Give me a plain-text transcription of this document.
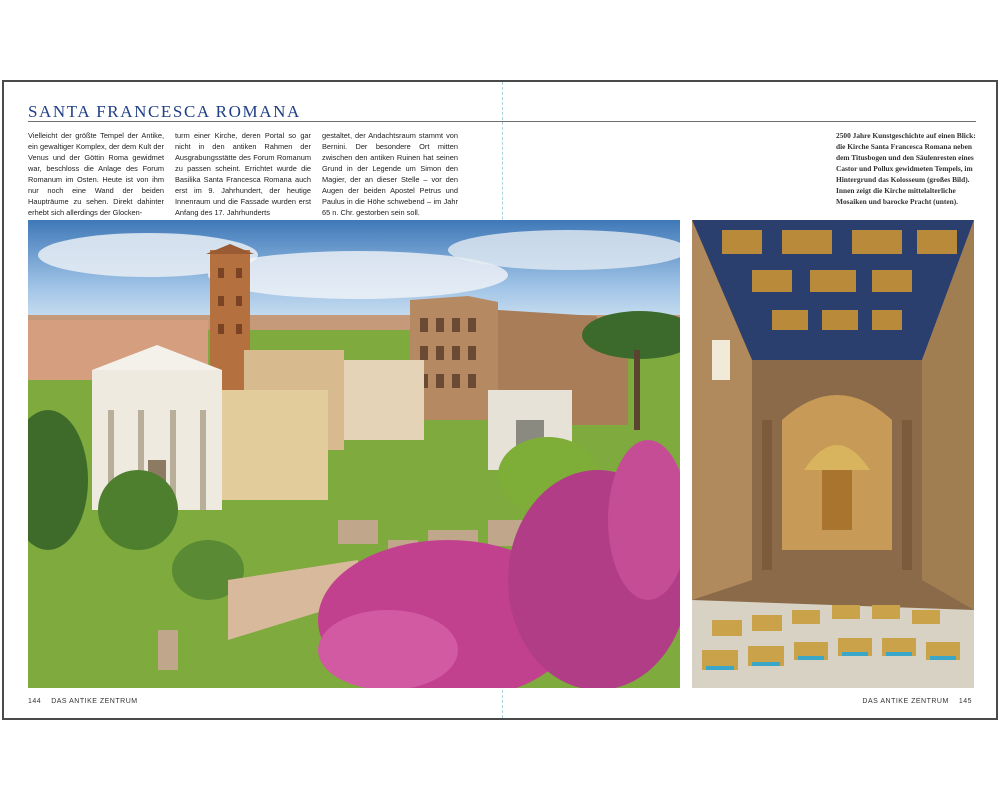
SANTA FRANCESCA ROMANA
Vielleicht der größte Tempel der Antike, ein gewaltiger Komplex, der dem Kult der Venus und der Göttin Roma gewidmet war, beschloss die Anlage des Forum Romanum im Osten. Heute ist von ihm nur noch eine Wand der beiden Haupträume zu sehen. Direkt dahinter erhebt sich allerdings der Glocken-
turm einer Kirche, deren Portal so gar nicht in den antiken Rahmen der Ausgrabungsstätte des Forum Romanum zu passen scheint. Errichtet wurde die Basilika Santa Francesca Romana auch erst im 9. Jahrhundert, der heutige Innenraum und die Fassade wurden erst Anfang des 17. Jahrhunderts
gestaltet, der Andachtsraum stammt von Bernini. Der besondere Ort mitten zwischen den antiken Ruinen hat seinen Grund in der Legende um Simon den Magier, der an dieser Stelle – vor den Augen der beiden Apostel Petrus und Paulus in die Höhe schwebend – im Jahr 65 n. Chr. gestorben sein soll.
2500 Jahre Kunstgeschichte auf einen Blick: die Kirche Santa Francesca Romana neben dem Titusbogen und den Säulenresten eines Castor und Pollux gewidmeten Tempels, im Hintergrund das Kolosseum (großes Bild). Innen zeigt die Kirche mittelalterliche Mosaiken und barocke Pracht (unten).
144 DAS ANTIKE ZENTRUM	DAS ANTIKE ZENTRUM 145
